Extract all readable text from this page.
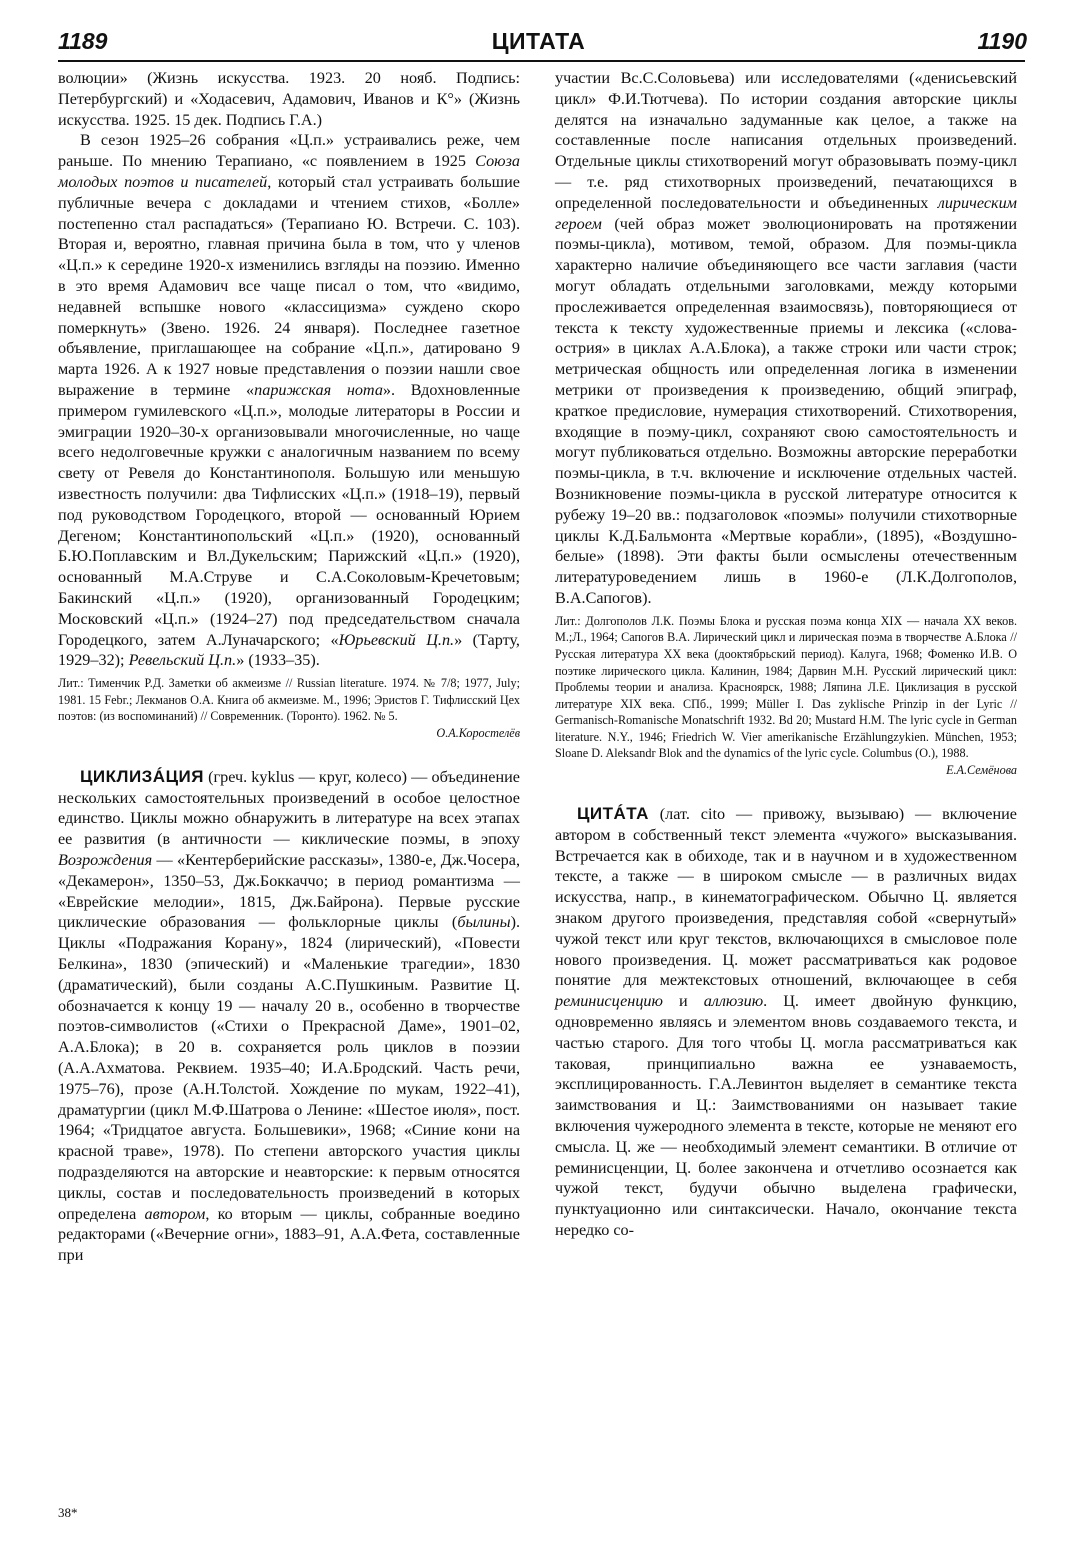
1189	ЦИТАТА	1190

волюции» (Жизнь искусства. 1923. 20 нояб. Подпись: Петербургский) и «Ходасевич, Адамович, Иванов и К°» (Жизнь искусства. 1925. 15 дек. Подпись Г.А.)

В сезон 1925–26 собрания «Ц.п.» устраивались реже, чем раньше. По мнению Терапиано, «с появлением в 1925 Союза молодых поэтов и писателей, который стал устраивать большие публичные вечера с докладами и чтением стихов, «Болле» постепенно стал распадаться» (Терапиано Ю. Встречи. С. 103). Вторая и, вероятно, главная причина была в том, что у членов «Ц.п.» к середине 1920-х изменились взгляды на поэзию. Именно в это время Адамович все чаще писал о том, что «видимо, недавней вспышке нового «классицизма» суждено скоро померкнуть» (Звено. 1926. 24 января). Последнее газетное объявление, приглашающее на собрание «Ц.п.», датировано 9 марта 1926. А к 1927 новые представления о поэзии нашли свое выражение в термине «парижская нота». Вдохновленные примером гумилевского «Ц.п.», молодые литераторы в России и эмиграции 1920–30-х организовывали многочисленные, но чаще всего недолговечные кружки с аналогичным названием по всему свету от Ревеля до Константинополя. Большую или меньшую известность получили: два Тифлисских «Ц.п.» (1918–19), первый под руководством Городецкого, второй — основанный Юрием Дегеном; Константинопольский «Ц.п.» (1920), основанный Б.Ю.Поплавским и Вл.Дукельским; Парижский «Ц.п.» (1920), основанный М.А.Струве и С.А.Соколовым-Кречетовым; Бакинский «Ц.п.» (1920), организованный Городецким; Московский «Ц.п.» (1924–27) под председательством сначала Городецкого, затем А.Луначарского; «Юрьевский Ц.п.» (Тарту, 1929–32); Ревельский Ц.п.» (1933–35).

Лит.: Тименчик Р.Д. Заметки об акмеизме // Russian literature. 1974. № 7/8; 1977, July; 1981. 15 Febr.; Лекманов О.А. Книга об акмеизме. М., 1996; Эристов Г. Тифлисский Цех поэтов: (из воспоминаний) // Современник. (Торонто). 1962. № 5.

О.А.Коростелёв

ЦИКЛИЗÁЦИЯ (греч. kyklus — круг, колесо) — объединение нескольких самостоятельных произведений в особое целостное единство. Циклы можно обнаружить в литературе на всех этапах ее развития (в античности — киклические поэмы, в эпоху Возрождения — «Кентерберийские рассказы», 1380-е, Дж.Чосера, «Декамерон», 1350–53, Дж.Боккаччо; в период романтизма — «Еврейские мелодии», 1815, Дж.Байрона). Первые русские циклические образования — фольклорные циклы (былины). Циклы «Подражания Корану», 1824 (лирический), «Повести Белкина», 1830 (эпический) и «Маленькие трагедии», 1830 (драматический), были созданы А.С.Пушкиным. Развитие Ц. обозначается к концу 19 — началу 20 в., особенно в творчестве поэтов-символистов («Стихи о Прекрасной Даме», 1901–02, А.А.Блока); в 20 в. сохраняется роль циклов в поэзии (А.А.Ахматова. Реквием. 1935–40; И.А.Бродский. Часть речи, 1975–76), прозе (А.Н.Толстой. Хождение по мукам, 1922–41), драматургии (цикл М.Ф.Шатрова о Ленине: «Шестое июля», пост. 1964; «Тридцатое августа. Большевики», 1968; «Синие кони на красной траве», 1978). По степени авторского участия циклы подразделяются на авторские и неавторские: к первым относятся циклы, состав и последовательность произведений в которых определена автором, ко вторым — циклы, собранные воедино редакторами («Вечерние огни», 1883–91, А.А.Фета, составленные при

участии Вс.С.Соловьева) или исследователями («денисьевский цикл» Ф.И.Тютчева). По истории создания авторские циклы делятся на изначально задуманные как целое, а также на составленные после написания отдельных произведений. Отдельные циклы стихотворений могут образовывать поэму-цикл — т.е. ряд стихотворных произведений, печатающихся в определенной последовательности и объединенных лирическим героем (чей образ может эволюционировать на протяжении поэмы-цикла), мотивом, темой, образом. Для поэмы-цикла характерно наличие объединяющего все части заглавия (части могут обладать отдельными заголовками, между которыми прослеживается определенная взаимосвязь), повторяющиеся от текста к тексту художественные приемы и лексика («слова-острия» в циклах А.А.Блока), а также строки или части строк; метрическая общность или определенная логика в изменении метрики от произведения к произведению, общий эпиграф, краткое предисловие, нумерация стихотворений. Стихотворения, входящие в поэму-цикл, сохраняют свою самостоятельность и могут публиковаться отдельно. Возможны авторские переработки поэмы-цикла, в т.ч. включение и исключение отдельных частей. Возникновение поэмы-цикла в русской литературе относится к рубежу 19–20 вв.: подзаголовок «поэмы» получили стихотворные циклы К.Д.Бальмонта «Мертвые корабли», (1895), «Воздушно-белые» (1898). Эти факты были осмыслены отечественным литературоведением лишь в 1960-е (Л.К.Долгополов, В.А.Сапогов).

Лит.: Долгополов Л.К. Поэмы Блока и русская поэма конца XIX — начала XX веков. М.;Л., 1964; Сапогов В.А. Лирический цикл и лирическая поэма в творчестве А.Блока // Русская литература XX века (дооктябрьский период). Калуга, 1968; Фоменко И.В. О поэтике лирического цикла. Калинин, 1984; Дарвин М.Н. Русский лирический цикл: Проблемы теории и анализа. Красноярск, 1988; Ляпина Л.Е. Циклизация в русской литературе XIX века. СПб., 1999; Müller I. Das zyklische Prinzip in der Lyric // Germanisch-Romanische Monatschrift 1932. Bd 20; Mustard H.M. The lyric cycle in German literature. N.Y., 1946; Friedrich W. Vier amerikanische Erzählungzykien. München, 1953; Sloane D. Aleksandr Blok and the dynamics of the lyric cycle. Columbus (O.), 1988.

Е.А.Семёнова

ЦИТÁТА (лат. cito — привожу, вызываю) — включение автором в собственный текст элемента «чужого» высказывания. Встречается как в обиходе, так и в научном и в художественном тексте, а также — в широком смысле — в различных видах искусства, напр., в кинематографическом. Обычно Ц. является знаком другого произведения, представляя собой «свернутый» чужой текст или круг текстов, включающихся в смысловое поле нового произведения. Ц. может рассматриваться как родовое понятие для межтекстовых отношений, включающее в себя реминисценцию и аллюзию. Ц. имеет двойную функцию, одновременно являясь и элементом вновь создаваемого текста, и частью старого. Для того чтобы Ц. могла рассматриваться как таковая, принципиально важна ее узнаваемость, эксплицированность. Г.А.Левинтон выделяет в семантике текста заимствования и Ц.: Заимствованиями он называет такие включения чужеродного элемента в тексте, которые не меняют его смысла. Ц. же — необходимый элемент семантики. В отличие от реминисценции, Ц. более закончена и отчетливо осознается как чужой текст, будучи обычно выделена графически, пунктуационно или синтаксически. Начало, окончание текста нередко со-

38*
